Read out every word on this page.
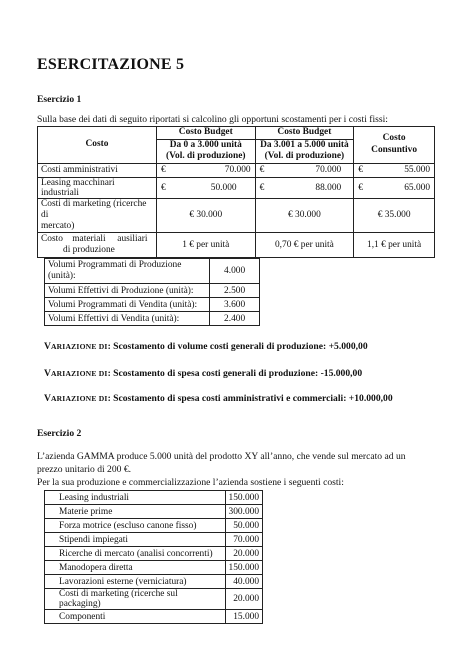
ESERCITAZIONE 5
Esercizio 1
Sulla base dei dati di seguito riportati si calcolino gli opportuni scostamenti per i costi fissi:
Costo	Costo Budget	Costo Budget	Costo
Consuntivo

	Da 0 a 3.000 unità	Da 3.001 a 5.000 unità	
	(Vol. di produzione)	(Vol. di produzione)	
Costi amministrativi	€ 70.000	€ 70.000	€ 55.000

Leasing macchinari industriali	€ 50.000	€ 88.000	€ 65.000

Costi di marketing (ricerche di
mercato)	€ 30.000	€ 30.000	€ 35.000

Costo    materiali     ausiliari
di produzione	1 € per unità	0,70 € per unità	1,1 € per unità
Volumi Programmati di Produzione
(unità):	4.000
Volumi Effettivi di Produzione (unità):	2.500
Volumi Programmati di Vendita (unità):	3.600
Volumi Effettivi di Vendita (unità):	2.400
VARIAZIONE DI: Scostamento di volume costi generali di produzione: +5.000,00
VARIAZIONE DI: Scostamento di spesa costi generali di produzione: -15.000,00
VARIAZIONE DI: Scostamento di spesa costi amministrativi e commerciali: +10.000,00
Esercizio 2
L’azienda GAMMA produce 5.000 unità del prodotto XY all’anno, che vende sul mercato ad un
prezzo unitario di 200 €.
Per la sua produzione e commercializzazione l’azienda sostiene i seguenti costi:
Leasing industriali	150.000
Materie prime	300.000
Forza motrice (escluso canone fisso)	50.000
Stipendi impiegati	70.000
Ricerche di mercato (analisi concorrenti)	20.000
Manodopera diretta	150.000
Lavorazioni esterne (verniciatura)	40.000
Costi di marketing (ricerche sul packaging)	20.000
Componenti	15.000
